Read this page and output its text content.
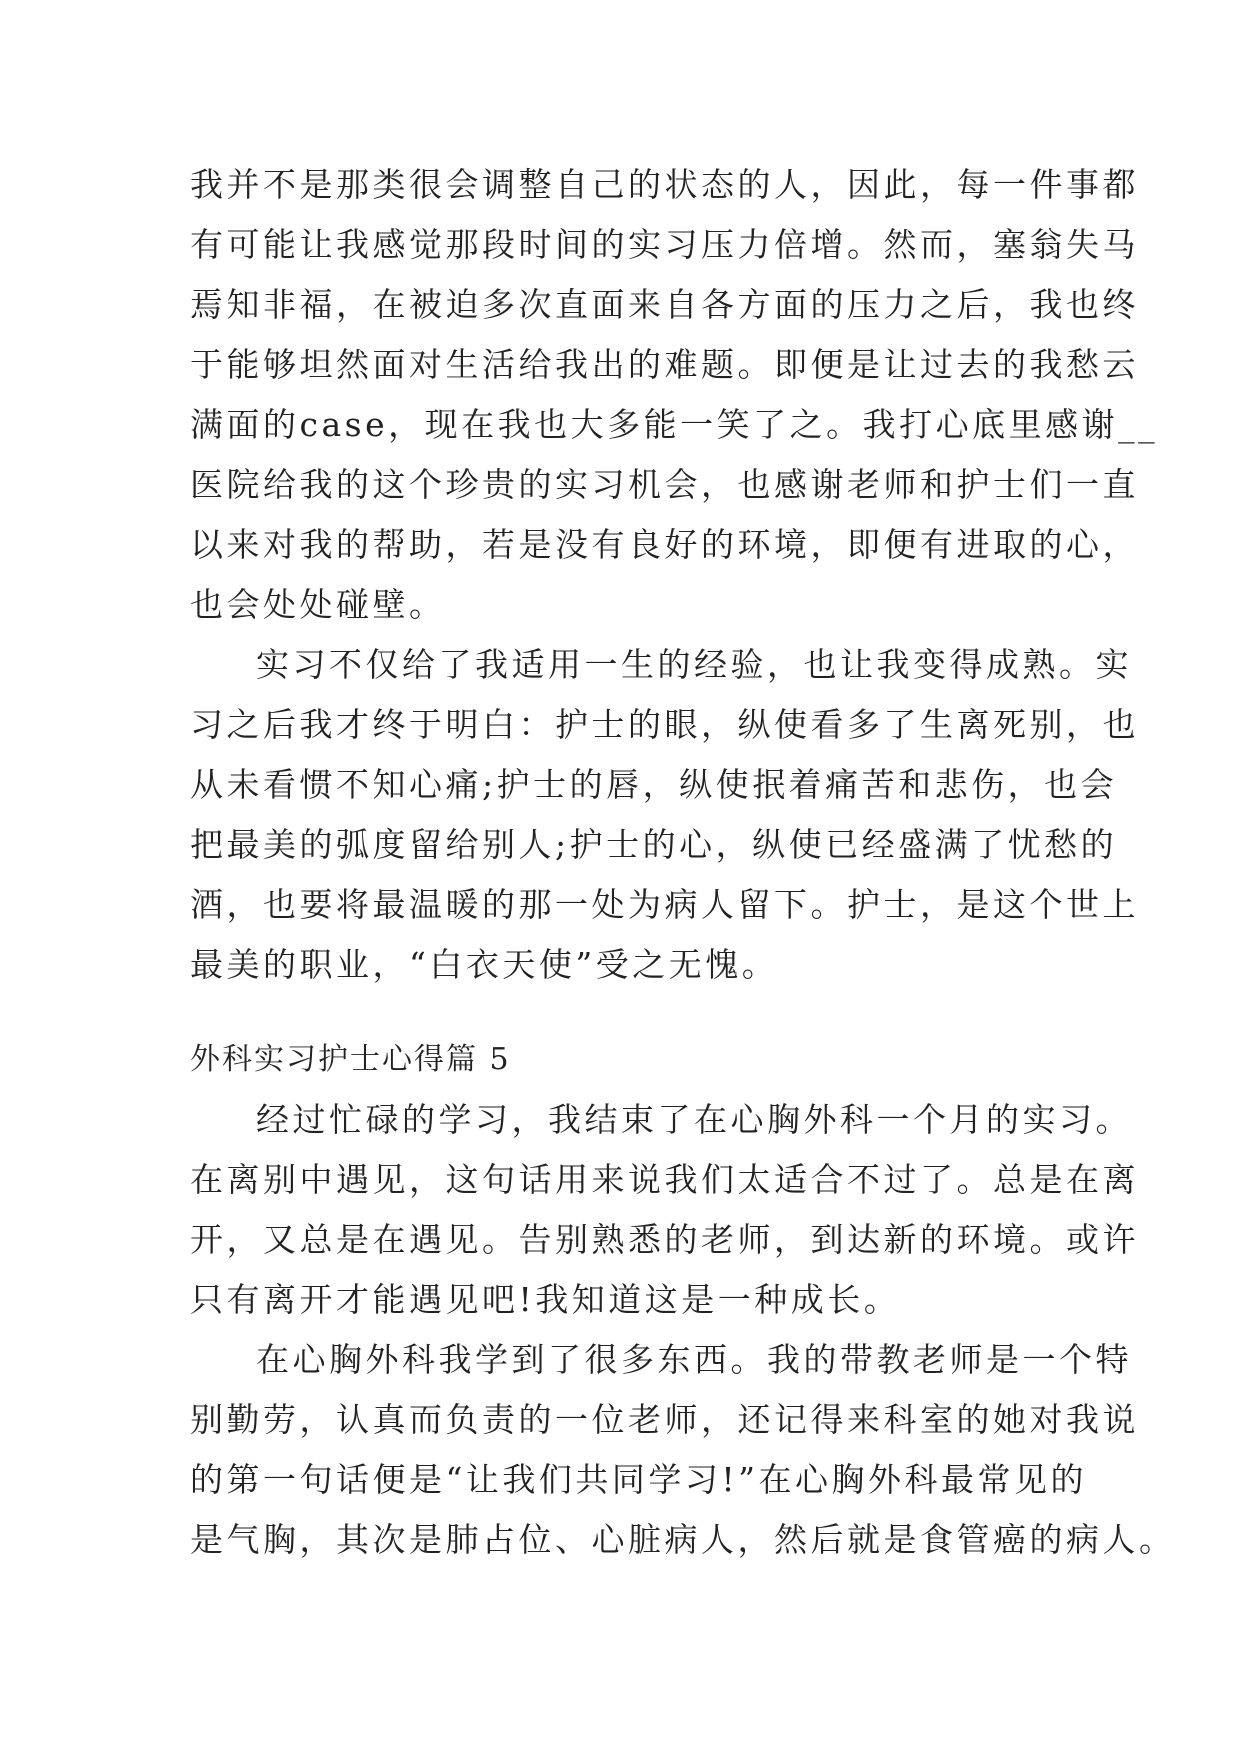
我并不是那类很会调整自己的状态的人，因此，每一件事都
有可能让我感觉那段时间的实习压力倍增。然而，塞翁失马
焉知非福，在被迫多次直面来自各方面的压力之后，我也终
于能够坦然面对生活给我出的难题。即便是让过去的我愁云
满面的case，现在我也大多能一笑了之。我打心底里感谢__
医院给我的这个珍贵的实习机会，也感谢老师和护士们一直
以来对我的帮助，若是没有良好的环境，即便有进取的心，
也会处处碰壁。
实习不仅给了我适用一生的经验，也让我变得成熟。实
习之后我才终于明白：护士的眼，纵使看多了生离死别，也
从未看惯不知心痛;护士的唇，纵使抿着痛苦和悲伤，也会
把最美的弧度留给别人;护士的心，纵使已经盛满了忧愁的
酒，也要将最温暖的那一处为病人留下。护士，是这个世上
最美的职业，“白衣天使”受之无愧。
外科实习护士心得篇 5
经过忙碌的学习，我结束了在心胸外科一个月的实习。
在离别中遇见，这句话用来说我们太适合不过了。总是在离
开，又总是在遇见。告别熟悉的老师，到达新的环境。或许
只有离开才能遇见吧!我知道这是一种成长。
在心胸外科我学到了很多东西。我的带教老师是一个特
别勤劳，认真而负责的一位老师，还记得来科室的她对我说
的第一句话便是“让我们共同学习!”在心胸外科最常见的
是气胸，其次是肺占位、心脏病人，然后就是食管癌的病人。
